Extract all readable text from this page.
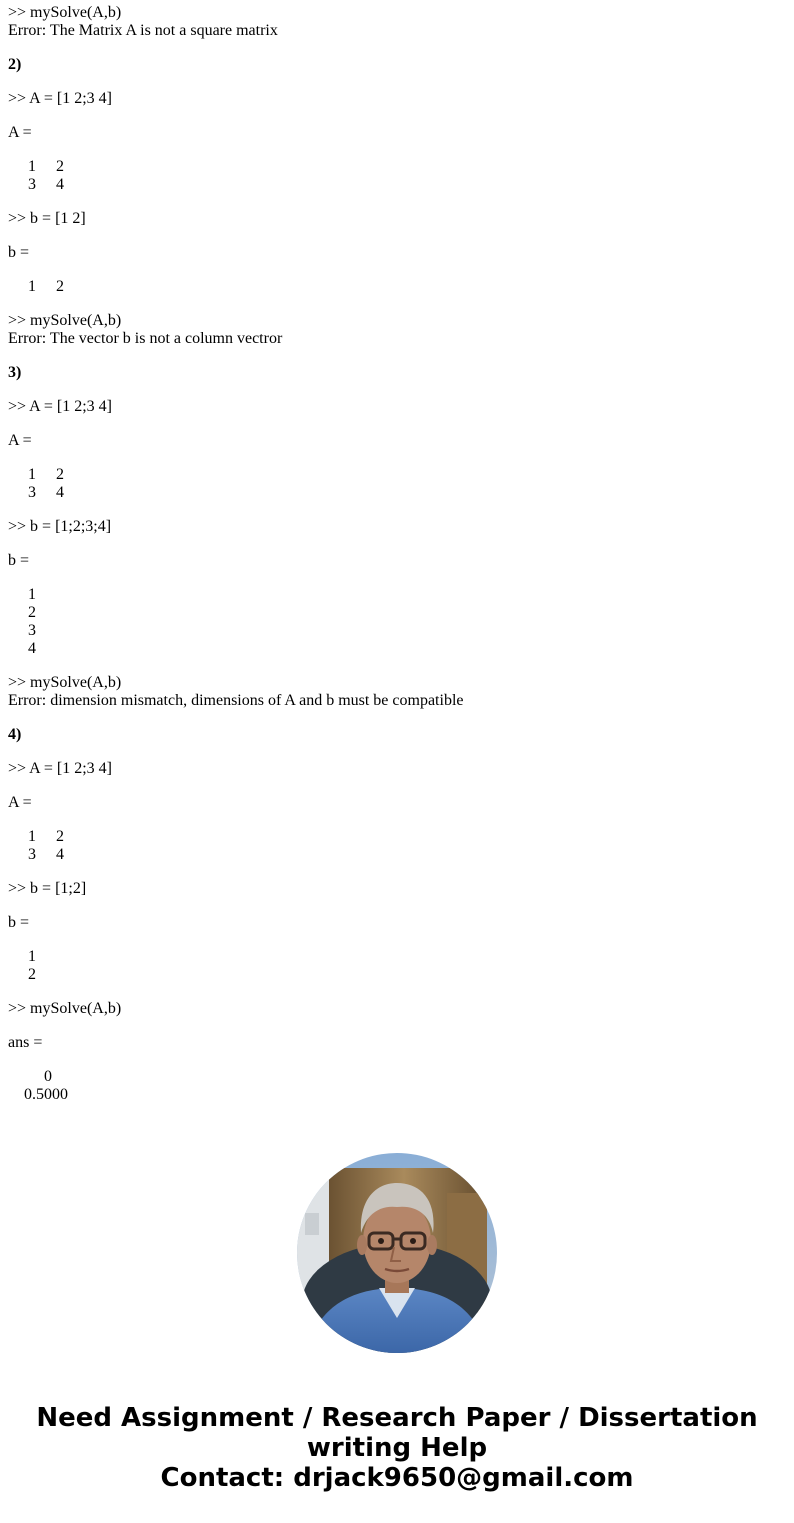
>> mySolve(A,b)
Error: The Matrix A is not a square matrix
2)
>> A = [1 2;3 4]
A =
1 2
3 4
>> b = [1 2]
b =
1 2
>> mySolve(A,b)
Error: The vector b is not a column vectror
3)
>> A = [1 2;3 4]
A =
1 2
3 4
>> b = [1;2;3;4]
b =
1
2
3
4
>> mySolve(A,b)
Error: dimension mismatch, dimensions of A and b must be compatible
4)
>> A = [1 2;3 4]
A =
1 2
3 4
>> b = [1;2]
b =
1
2
>> mySolve(A,b)
ans =
0
0.5000
Need Assignment / Research Paper / Dissertation
writing Help
Contact: drjack9650@gmail.com
